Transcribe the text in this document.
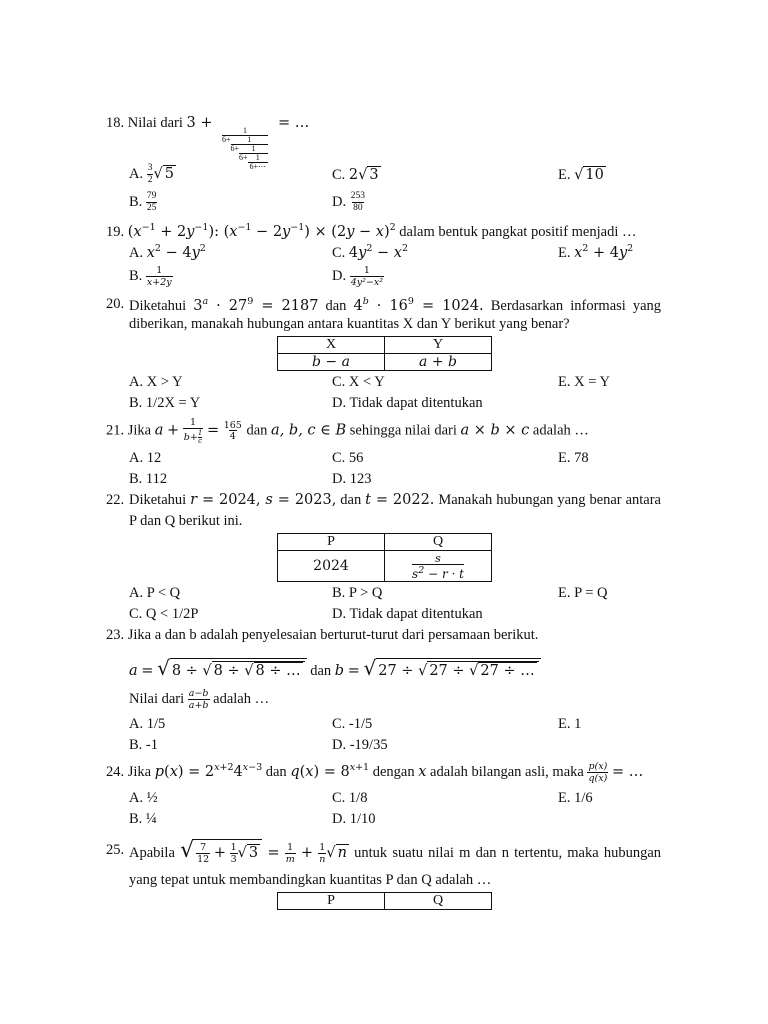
18. Nilai dari 3 +	1
6+	1
$6+ \frac{1}{6+ \frac{1}{6+\cdots}}$
= …
A. $\frac{3}{2}$ √ 5	C. 2√ 3	E. √ 10
B. $\frac{79}{25}$	D. $\frac{253}{80}$
19. $(x^{-1} + 2y^{-1})$: $(x^{-1} - 2y^{-1}) \times (2y - x)^2$ dalam bentuk pangkat positif menjadi …
A. $x^2 - 4y^2$	C. $4y^2 - x^2$	E. $x^2 + 4y^2$
B. $\frac{1}{x+2y}$	D. $\frac{1}{\text{4y²−x²}}$
20. Diketahui $3^a \cdot 27^9 = 2187$ dan $4^b \cdot 16^9 = 1024$. Berdasarkan informasi yang
diberikan, manakah hubungan antara kuantitas X dan Y berikut yang benar?
X	Y
b − a	a + b
A. X > Y	C. X < Y	E. X = Y
B. 1/2X = Y	D. Tidak dapat ditentukan
21. Jika $a + \frac{1}{b+ \frac{1}{c}} = \frac{165}{4}$ dan a, b, c ∈ B sehingga nilai dari a × b × c adalah …
A. 12	C. 56	E. 78
B. 112	D. 123
22. Diketahui r = 2024, s = 2023, dan t = 2022. Manakah hubungan yang benar antara
P dan Q berikut ini.
P	Q
2024	$\frac{s}{s^2 - r \cdot t}$
A. P < Q	B. P > Q	E. P = Q
C. Q < 1/2P	D. Tidak dapat ditentukan
23. Jika a dan b adalah penyelesaian berturut-turut dari persamaan berikut.
a = √ 8 ÷ √ 8 ÷ √ 8 ÷ … dan b = √ 27 ÷ √ 27 ÷ √ 27 ÷ …
Nilai dari $\frac{a-b}{a+b}$ adalah …
A. 1/5	C. -1/5	E. 1
B. -1	D. -19/35
24. Jika $p(x) = 2^{x+2}4^{x-3}$ dan $q(x) = 8^{x+1}$ dengan x adalah bilangan asli, maka $\frac{p(x)}{q(x)}$ = …
A. ½	C. 1/8	E. 1/6
B. ¼	D. 1/10
25. Apabila √ $\frac{7}{12} + \frac{1}{3}$ √ $3 = \frac{1}{m} + \frac{1}{n}$ √ n untuk suatu nilai m dan n tertentu, maka hubungan
yang tepat untuk membandingkan kuantitas P dan Q adalah …
P	Q
